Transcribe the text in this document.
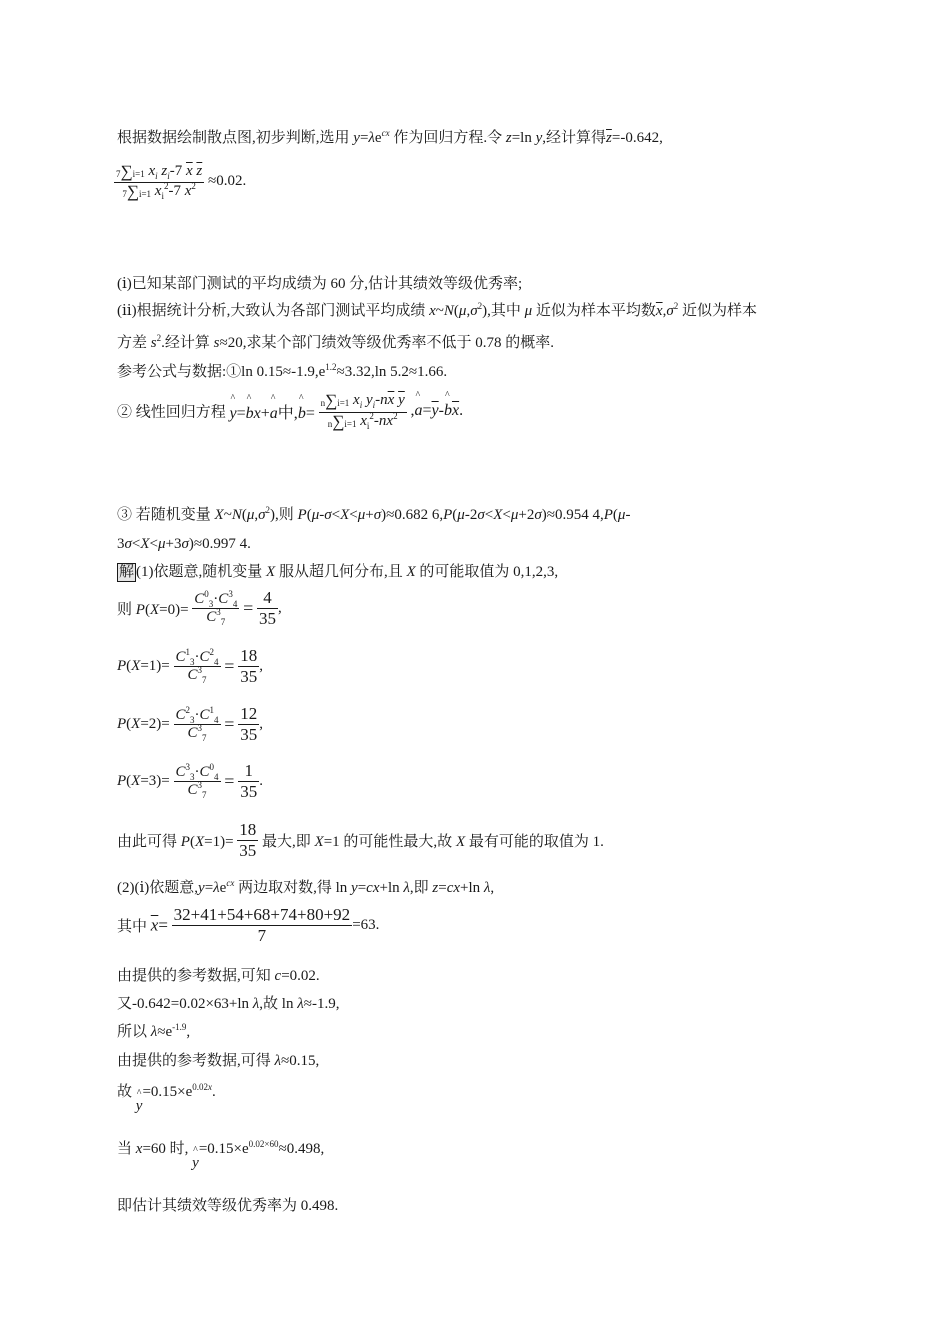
根据数据绘制散点图,初步判断,选用 $y=\lambda e^{cx}$ 作为回归方程.令 z=ln y,经计算得$\overline{z}=-0.642$,
$\frac{7\sum i=1 x_i z_i-7 \overline{x} \overline{z}}{7\sum i=1 x_i^2-7 \overline{x}^2} \approx 0.02$.
(ⅰ)已知某部门测试的平均成绩为 60 分,估计其绩效等级优秀率;
(ⅱ)根据统计分析,大致认为各部门测试平均成绩 $x\sim N(\mu,\sigma^2)$,其中 μ 近似为样本平均数$\overline{x},\sigma^2$ 近似为样本
方差 $s^2$.经计算 s≈20,求某个部门绩效等级优秀率不低于 0.78 的概率.
参考公式与数据:①ln $0.15\approx-1.9,e^{1.2}\approx 3.32,\ln$ 5.2≈1.66.
② 线性回归方程 ^ y=^ bx+^ a中,^ $b= \frac{n\sum i=1 x_i y_i-n\overline{x} \overline{y}}{n\sum i=1 x_i^2-n\overline{x}^2}$ ,^ $a=\overline{y}-\^{}$ $b\overline{x}$.
③ 若随机变量 $X\sim N(\mu,\sigma^2)$,则 P(μ-σ<X<μ+σ)≈0.682 6,P(μ-2σ<X<μ+2σ)≈0.954 4,P(μ-
3σ<X<μ+3σ)≈0.997 4.
解 (1)依题意,随机变量 X 服从超几何分布,且 X 的可能取值为 0,1,2,3,
则 $P(X=0)= \frac{C^0_3\cdot C^3_4}{C^3_7} = \frac{4}{35}$ ,
$P(X=1)= \frac{C^1_3\cdot C^2_4}{C^3_7} = \frac{18}{35}$ ,
$P(X=2)= \frac{C^2_3\cdot C^1_4}{C^3_7} = \frac{12}{35}$ ,
$P(X=3)= \frac{C^3_3\cdot C^0_4}{C^3_7} = \frac{1}{35}$ .
由此可得 $P(X=1)= \frac{18}{35}$ 最大,即 X=1 的可能性最大,故 X 最有可能的取值为 1.
(2)(ⅰ)依题意$,y=\lambda e^{cx}$ 两边取对数,得 ln y=cx+ln λ,即 z=cx+ln λ,
其中 $\overline{x}= \frac{32+41+54+68+74+80+92}{7} =63$.
由提供的参考数据,可知 c=0.02.
又-0.642=0.02×63+ln λ,故 ln λ≈-1.9,
所以 $\lambda\approx e^{-1.9}$,
由提供的参考数据,可得 λ≈0.15,
故 ^ $y=0.15\times e^{0.02x}$.
当 x=60 时, ^ $y=0.15\times e^{0.02\times 60}\approx 0.498$,
即估计其绩效等级优秀率为 0.498.
